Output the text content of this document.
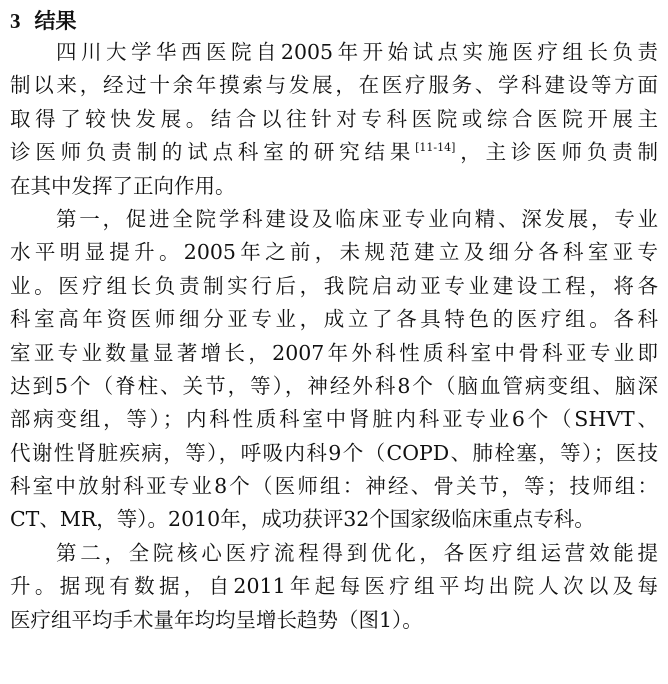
3 结果
四川大学华西医院自2005年开始试点实施医疗组长负责
制以来，经过十余年摸索与发展，在医疗服务、学科建设等方面
取得了较快发展。结合以往针对专科医院或综合医院开展主
诊医师负责制的试点科室的研究结果[11-14]，主诊医师负责制
在其中发挥了正向作用。
第一，促进全院学科建设及临床亚专业向精、深发展，专业
水平明显提升。2005年之前，未规范建立及细分各科室亚专
业。医疗组长负责制实行后，我院启动亚专业建设工程，将各
科室高年资医师细分亚专业，成立了各具特色的医疗组。各科
室亚专业数量显著增长，2007年外科性质科室中骨科亚专业即
达到5个（脊柱、关节，等），神经外科8个（脑血管病变组、脑深
部病变组，等）；内科性质科室中肾脏内科亚专业6个（SHVT、
代谢性肾脏疾病，等），呼吸内科9个（COPD、肺栓塞，等）；医技
科室中放射科亚专业8个（医师组：神经、骨关节，等；技师组：
CT、MR，等）。2010年，成功获评32个国家级临床重点专科。
第二，全院核心医疗流程得到优化，各医疗组运营效能提
升。据现有数据，自2011年起每医疗组平均出院人次以及每
医疗组平均手术量年均均呈增长趋势（图1）。
